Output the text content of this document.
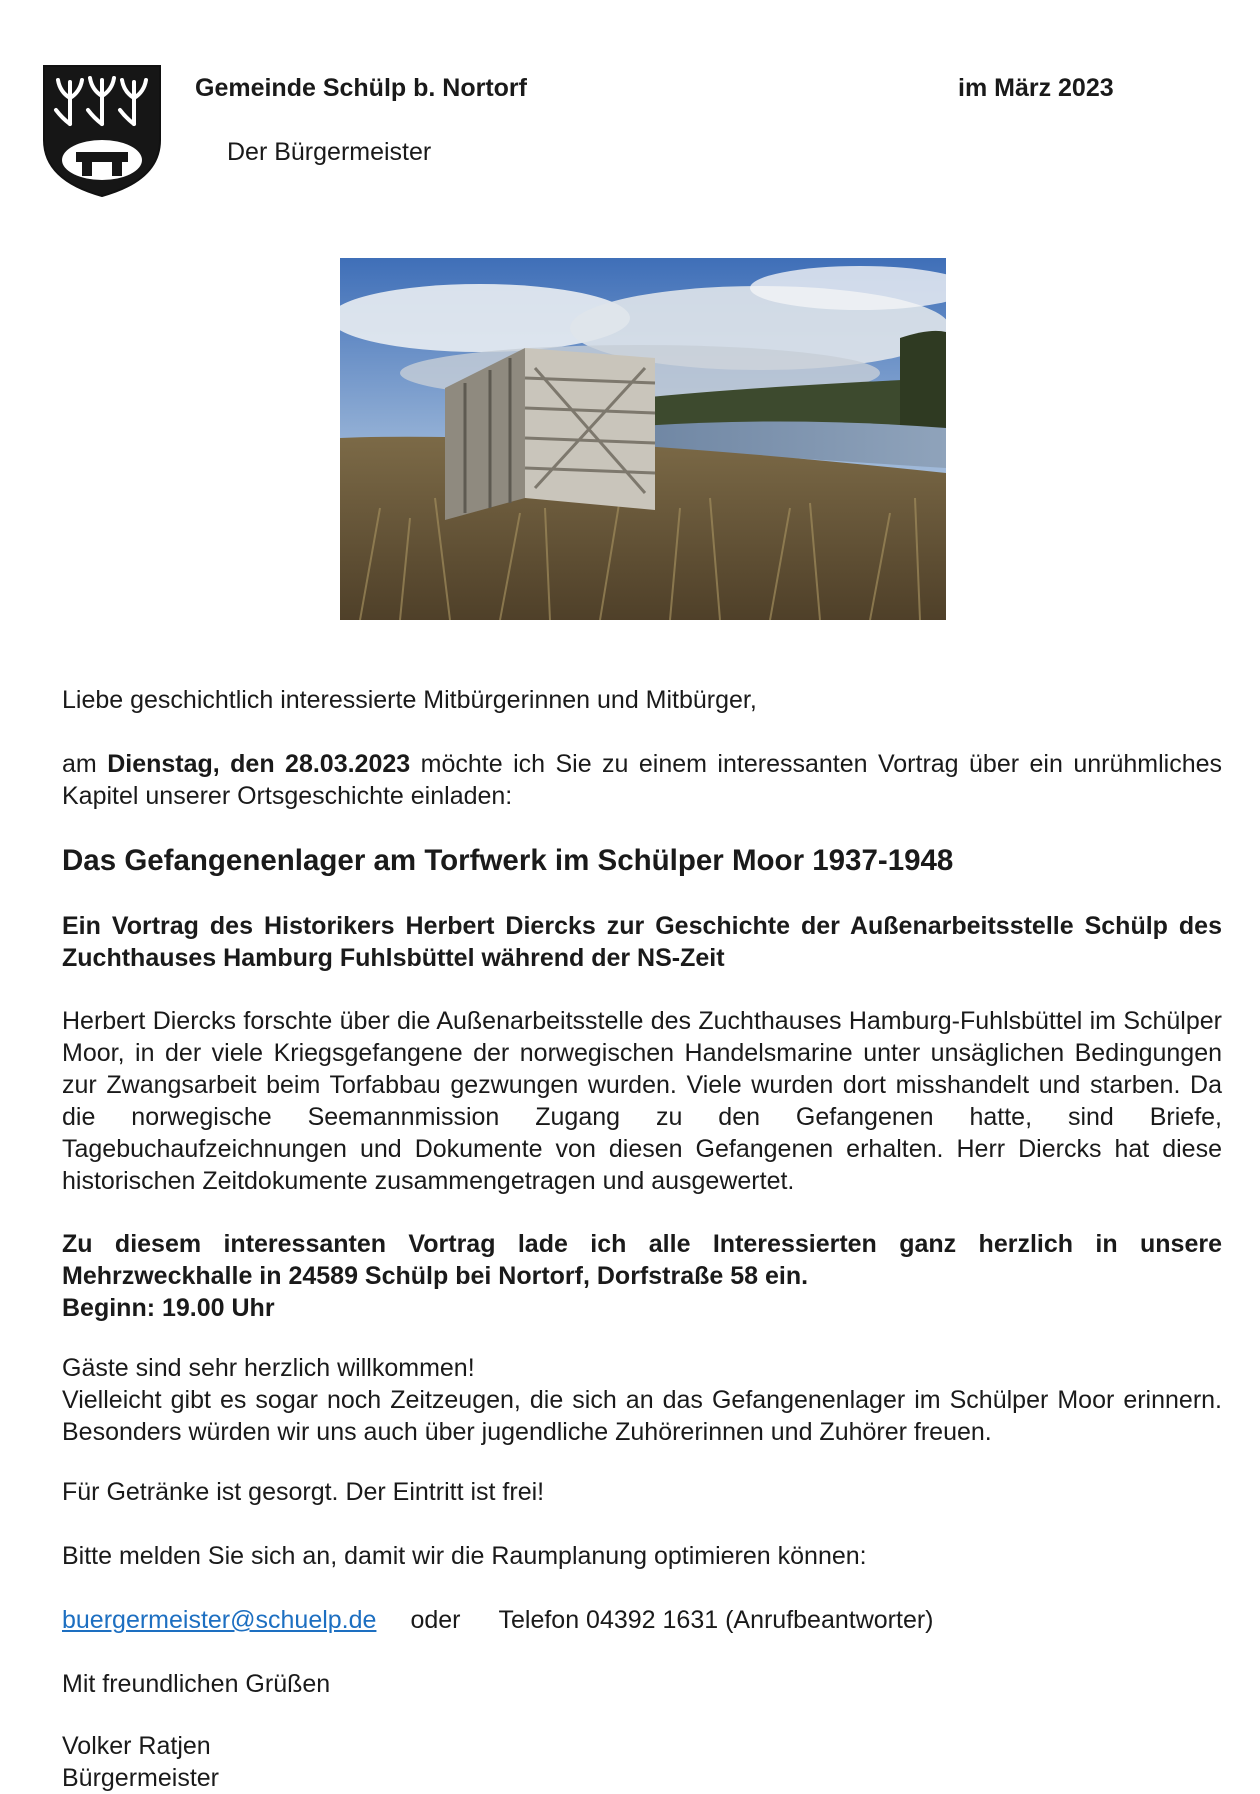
Gemeinde Schülp b. Nortorf	im März 2023
Der Bürgermeister
Liebe geschichtlich interessierte Mitbürgerinnen und Mitbürger,
am Dienstag, den 28.03.2023 möchte ich Sie zu einem interessanten Vortrag über ein unrühmliches Kapitel unserer Ortsgeschichte einladen:
Das Gefangenenlager am Torfwerk im Schülper Moor 1937-1948
Ein Vortrag des Historikers Herbert Diercks zur Geschichte der Außenarbeitsstelle Schülp des Zuchthauses Hamburg Fuhlsbüttel während der NS-Zeit
Herbert Diercks forschte über die Außenarbeitsstelle des Zuchthauses Hamburg-Fuhlsbüttel im Schülper Moor, in der viele Kriegsgefangene der norwegischen Handelsmarine unter unsäglichen Bedingungen zur Zwangsarbeit beim Torfabbau gezwungen wurden. Viele wurden dort misshandelt und starben. Da die norwegische Seemannmission Zugang zu den Gefangenen hatte, sind Briefe, Tagebuchaufzeichnungen und Dokumente von diesen Gefangenen erhalten. Herr Diercks hat diese historischen Zeitdokumente zusammengetragen und ausgewertet.
Zu diesem interessanten Vortrag lade ich alle Interessierten ganz herzlich in unsere Mehrzweckhalle in 24589 Schülp bei Nortorf, Dorfstraße 58 ein.
Beginn: 19.00 Uhr
Gäste sind sehr herzlich willkommen!
Vielleicht gibt es sogar noch Zeitzeugen, die sich an das Gefangenenlager im Schülper Moor erinnern. Besonders würden wir uns auch über jugendliche Zuhörerinnen und Zuhörer freuen.
Für Getränke ist gesorgt. Der Eintritt ist frei!
Bitte melden Sie sich an, damit wir die Raumplanung optimieren können:
buergermeister@schuelp.de oder Telefon 04392 1631 (Anrufbeantworter)
Mit freundlichen Grüßen
Volker Ratjen
Bürgermeister
